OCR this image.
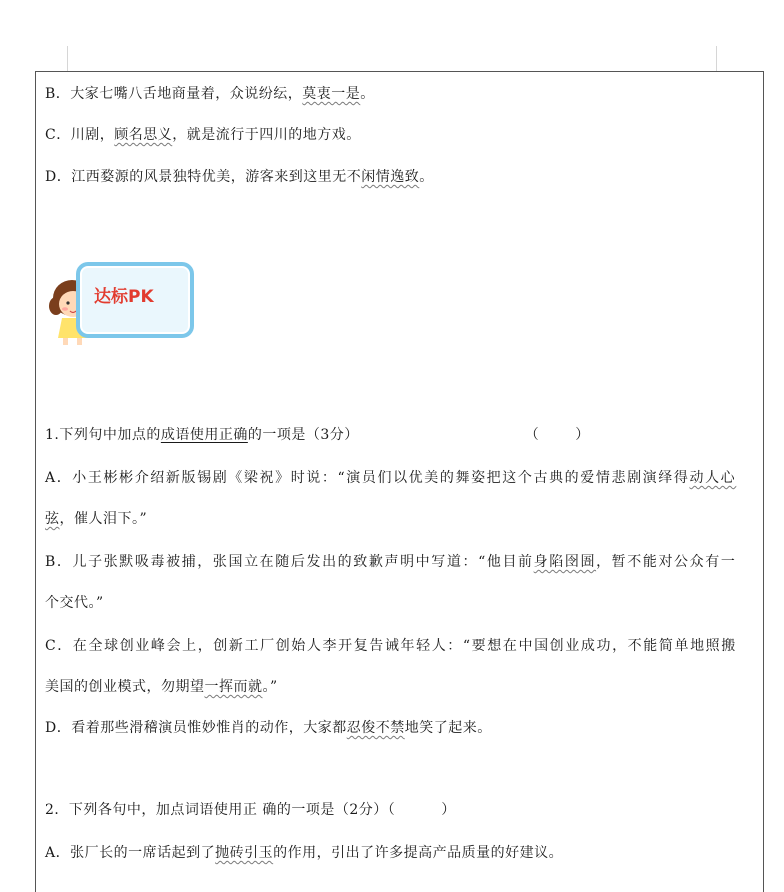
B．大家七嘴八舌地商量着，众说纷纭，莫衷一是。
C．川剧，顾名思义，就是流行于四川的地方戏。
D．江西婺源的风景独特优美，游客来到这里无不闲情逸致。
达标PK
1.下列句中加点的成语使用正确的一项是（3分）	（	）
A．小王彬彬介绍新版锡剧《梁祝》时说：“演员们以优美的舞姿把这个古典的爱情悲剧演绎得动人心
弦，催人泪下。”
B．儿子张默吸毒被捕，张国立在随后发出的致歉声明中写道：“他目前身陷囹圄，暂不能对公众有一
个交代。”
C．在全球创业峰会上，创新工厂创始人李开复告诫年轻人：“要想在中国创业成功，不能简单地照搬
美国的创业模式，勿期望一挥而就。”
D．看着那些滑稽演员惟妙惟肖的动作，大家都忍俊不禁地笑了起来。
2．下列各句中，加点词语使用正 确的一项是（2分）（	）
A．张厂长的一席话起到了抛砖引玉的作用，引出了许多提高产品质量的好建议。
